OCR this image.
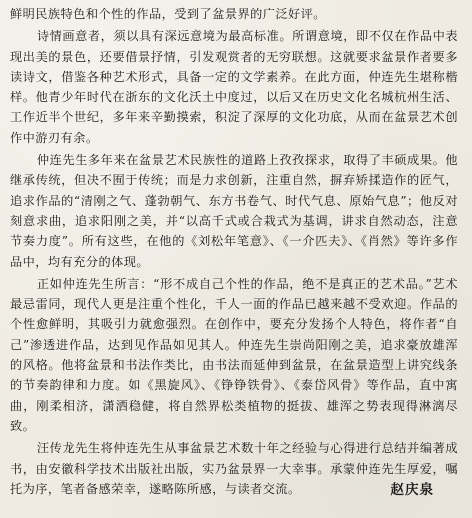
鲜明民族特色和个性的作品，受到了盆景界的广泛好评。

诗情画意者，须以具有深远意境为最高标准。所谓意境，即不仅在作品中表现出美的景色，还要借景抒情，引发观赏者的无穷联想。这就要求盆景作者要多读诗文，借鉴各种艺术形式，具备一定的文学素养。在此方面，仲连先生堪称楷样。他青少年时代在浙东的文化沃土中度过，以后又在历史文化名城杭州生活、工作近半个世纪，多年来辛勤摸索，积淀了深厚的文化功底，从而在盆景艺术创作中游刃有余。

仲连先生多年来在盆景艺术民族性的道路上孜孜探求，取得了丰硕成果。他继承传统，但决不囿于传统；而是力求创新，注重自然，摒弃矫揉造作的匠气，追求作品的“清刚之气、蓬勃朝气、东方书卷气、时代气息、原始气息”；他反对刻意求曲，追求阳刚之美，并“以高千式或合栽式为基调，讲求自然动态，注意节奏力度”。所有这些，在他的《刘松年笔意》、《一介匹夫》、《肖然》等许多作品中，均有充分的体现。

正如仲连先生所言：“形不成自己个性的作品，绝不是真正的艺术品。”艺术最忌雷同，现代人更是注重个性化，千人一面的作品已越来越不受欢迎。作品的个性愈鲜明，其吸引力就愈强烈。在创作中，要充分发扬个人特色，将作者“自己”渗透进作品，达到见作品如见其人。仲连先生崇尚阳刚之美，追求豪放雄浑的风格。他将盆景和书法作类比，由书法而延伸到盆景，在盆景造型上讲究线条的节奏韵律和力度。如《黑旋风》、《铮铮铁骨》、《泰岱风骨》等作品，直中寓曲，刚柔相济，潇洒稳健，将自然界松类植物的挺拔、雄浑之势表现得淋漓尽致。

汪传龙先生将仲连先生从事盆景艺术数十年之经验与心得进行总结并编著成书，由安徽科学技术出版社出版，实乃盆景界一大幸事。承蒙仲连先生厚爱，嘱托为序，笔者备感荣幸，遂略陈所感，与读者交流。	赵庆泉
